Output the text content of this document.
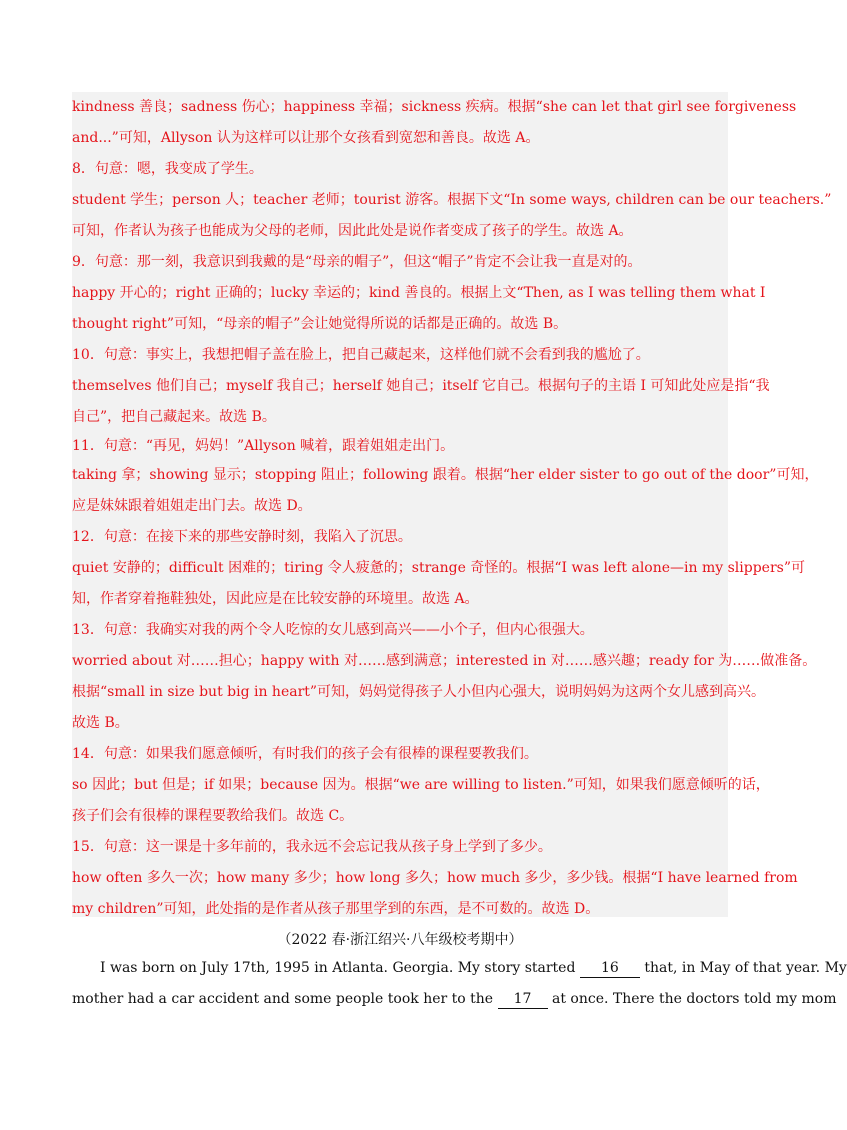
kindness 善良；sadness 伤心；happiness 幸福；sickness 疾病。根据“she can let that girl see forgiveness
and...”可知，Allyson 认为这样可以让那个女孩看到宽恕和善良。故选 A。
8．句意：嗯，我变成了学生。
student 学生；person 人；teacher 老师；tourist 游客。根据下文“In some ways, children can be our teachers.”
可知，作者认为孩子也能成为父母的老师，因此此处是说作者变成了孩子的学生。故选 A。
9．句意：那一刻，我意识到我戴的是“母亲的帽子”，但这“帽子”肯定不会让我一直是对的。
happy 开心的；right 正确的；lucky 幸运的；kind 善良的。根据上文“Then, as I was telling them what I
thought right”可知，“母亲的帽子”会让她觉得所说的话都是正确的。故选 B。
10．句意：事实上，我想把帽子盖在脸上，把自己藏起来，这样他们就不会看到我的尴尬了。
themselves 他们自己；myself 我自己；herself 她自己；itself 它自己。根据句子的主语 I 可知此处应是指“我
自己”，把自己藏起来。故选 B。
11．句意：“再见，妈妈！”Allyson 喊着，跟着姐姐走出门。
taking 拿；showing 显示；stopping 阻止；following 跟着。根据“her elder sister to go out of the door”可知，
应是妹妹跟着姐姐走出门去。故选 D。
12．句意：在接下来的那些安静时刻，我陷入了沉思。
quiet 安静的；difficult 困难的；tiring 令人疲惫的；strange 奇怪的。根据“I was left alone—in my slippers”可
知，作者穿着拖鞋独处，因此应是在比较安静的环境里。故选 A。
13．句意：我确实对我的两个令人吃惊的女儿感到高兴——小个子，但内心很强大。
worried about 对……担心；happy with 对……感到满意；interested in 对……感兴趣；ready for 为……做准备。
根据“small in size but big in heart”可知，妈妈觉得孩子人小但内心强大，说明妈妈为这两个女儿感到高兴。
故选 B。
14．句意：如果我们愿意倾听，有时我们的孩子会有很棒的课程要教我们。
so 因此；but 但是；if 如果；because 因为。根据“we are willing to listen.”可知，如果我们愿意倾听的话，
孩子们会有很棒的课程要教给我们。故选 C。
15．句意：这一课是十多年前的，我永远不会忘记我从孩子身上学到了多少。
how often 多久一次；how many 多少；how long 多久；how much 多少，多少钱。根据“I have learned from
my children”可知，此处指的是作者从孩子那里学到的东西，是不可数的。故选 D。
（2022 春·浙江绍兴·八年级校考期中）
I was born on July 17th, 1995 in Atlanta. Georgia. My story started 16 that, in May of that year. My
mother had a car accident and some people took her to the 17 at once. There the doctors told my mom
